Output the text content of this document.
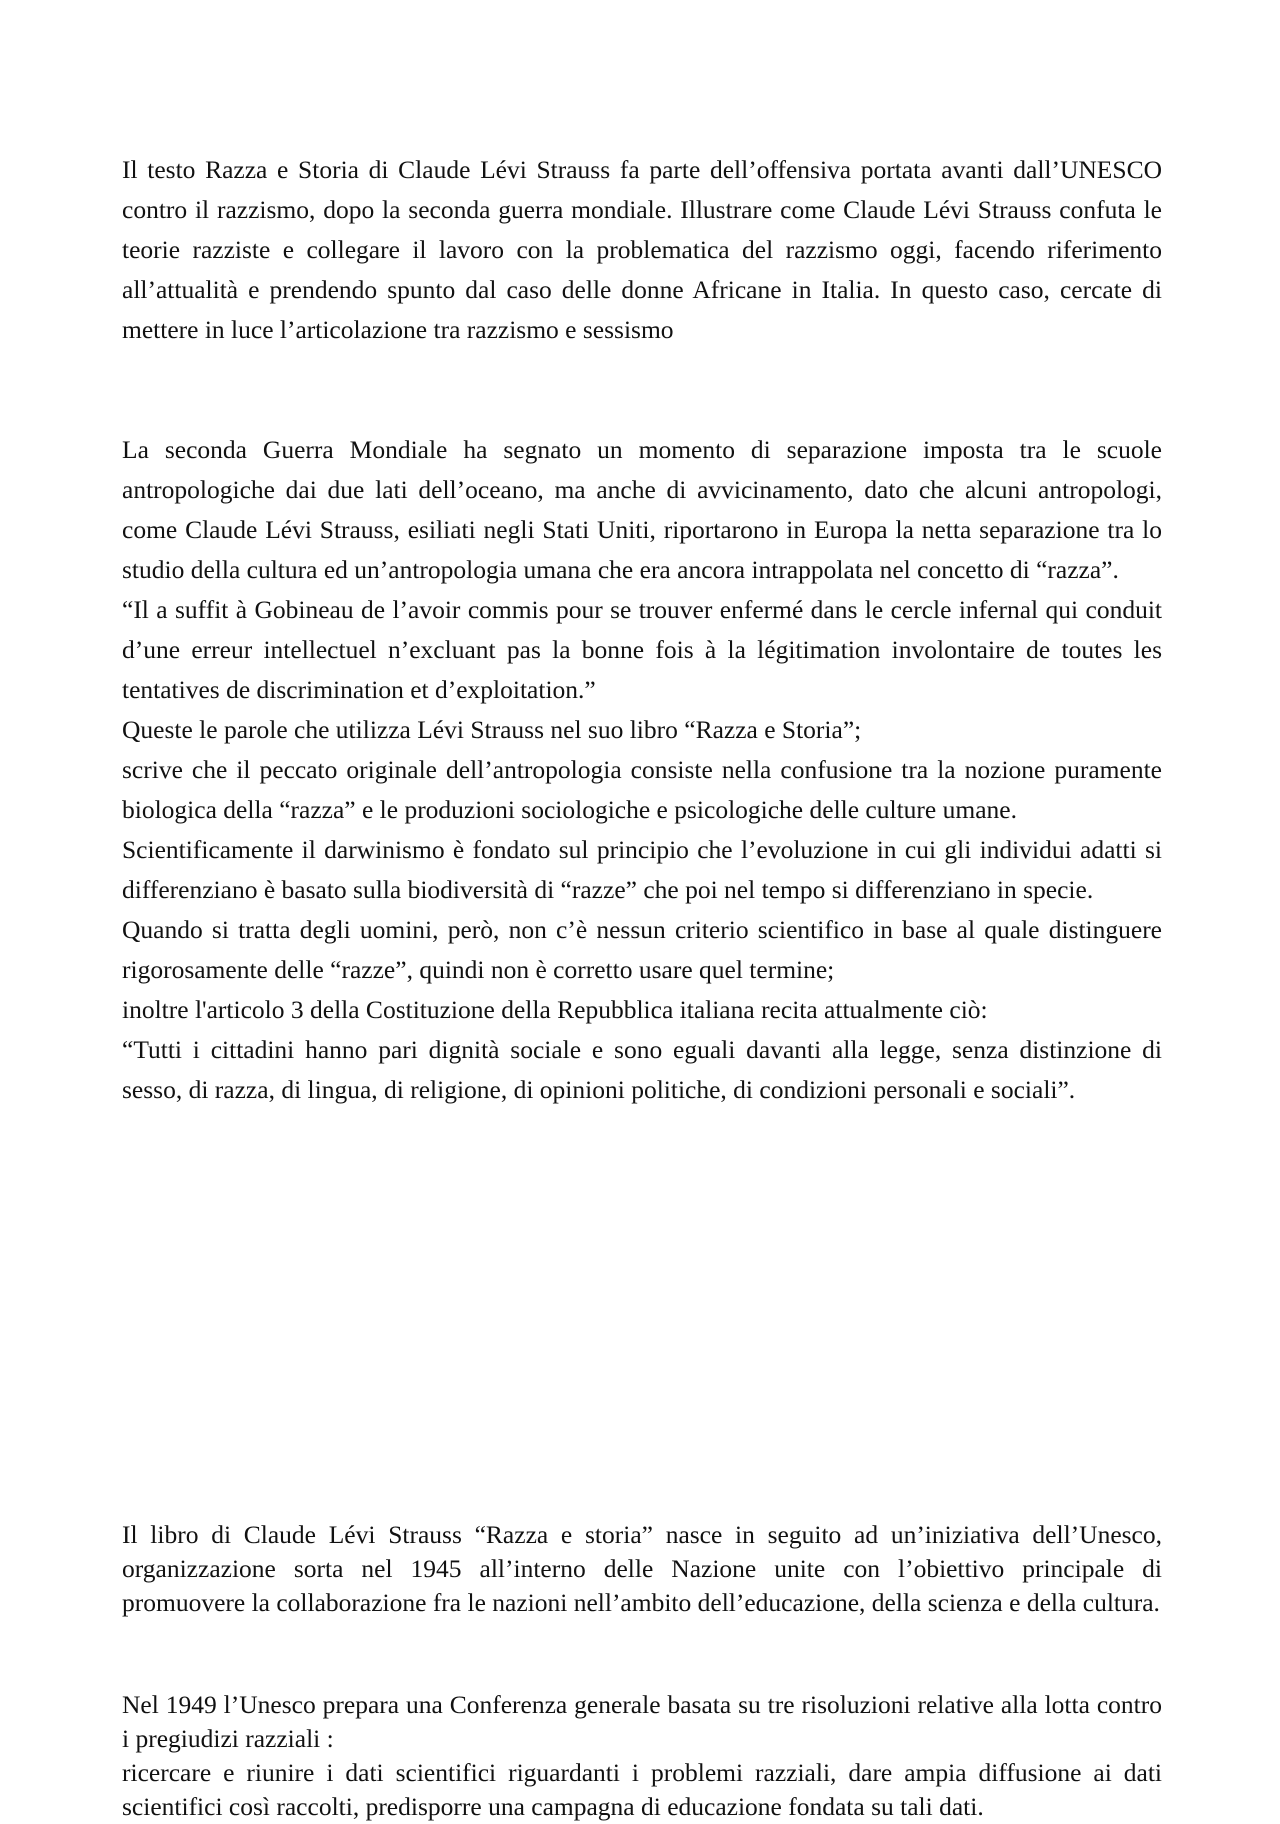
Il testo Razza e Storia di Claude Lévi Strauss fa parte dell’offensiva portata avanti dall’UNESCO contro il razzismo, dopo la seconda guerra mondiale. Illustrare come Claude Lévi Strauss confuta le teorie razziste e collegare il lavoro con la problematica del razzismo oggi, facendo riferimento all’attualità e prendendo spunto dal caso delle donne Africane in Italia. In questo caso, cercate di mettere in luce l’articolazione tra razzismo e sessismo

La seconda Guerra Mondiale ha segnato un momento di separazione imposta tra le scuole antropologiche dai due lati dell’oceano, ma anche di avvicinamento, dato che alcuni antropologi, come Claude Lévi Strauss, esiliati negli Stati Uniti, riportarono in Europa la netta separazione tra lo studio della cultura ed un’antropologia umana che era ancora intrappolata nel concetto di “razza”.

“Il a suffit à Gobineau de l’avoir commis pour se trouver enfermé dans le cercle infernal qui conduit d’une erreur intellectuel n’excluant pas la bonne fois à la légitimation involontaire de toutes les tentatives de discrimination et d’exploitation.”

Queste le parole che utilizza Lévi Strauss nel suo libro “Razza e Storia”;

scrive che il peccato originale dell’antropologia consiste nella confusione tra la nozione puramente biologica della “razza” e le produzioni sociologiche e psicologiche delle culture umane.

Scientificamente il darwinismo è fondato sul principio che l’evoluzione in cui gli individui adatti si differenziano è basato sulla biodiversità di “razze” che poi nel tempo si differenziano in specie.

Quando si tratta degli uomini, però, non c’è nessun criterio scientifico in base al quale distinguere rigorosamente delle “razze”, quindi non è corretto usare quel termine;

inoltre l'articolo 3 della Costituzione della Repubblica italiana recita attualmente ciò:

“Tutti i cittadini hanno pari dignità sociale e sono eguali davanti alla legge, senza distinzione di sesso, di razza, di lingua, di religione, di opinioni politiche, di condizioni personali e sociali”.

Il libro di Claude Lévi Strauss “Razza e storia” nasce in seguito ad un’iniziativa dell’Unesco, organizzazione sorta nel 1945 all’interno delle Nazione unite con l’obiettivo principale di promuovere la collaborazione fra le nazioni nell’ambito dell’educazione, della scienza e della cultura.

Nel 1949 l’Unesco prepara una Conferenza generale basata su tre risoluzioni relative alla lotta contro i pregiudizi razziali :

ricercare e riunire i dati scientifici riguardanti i problemi razziali, dare ampia diffusione ai dati scientifici così raccolti, predisporre una campagna di educazione fondata su tali dati.
